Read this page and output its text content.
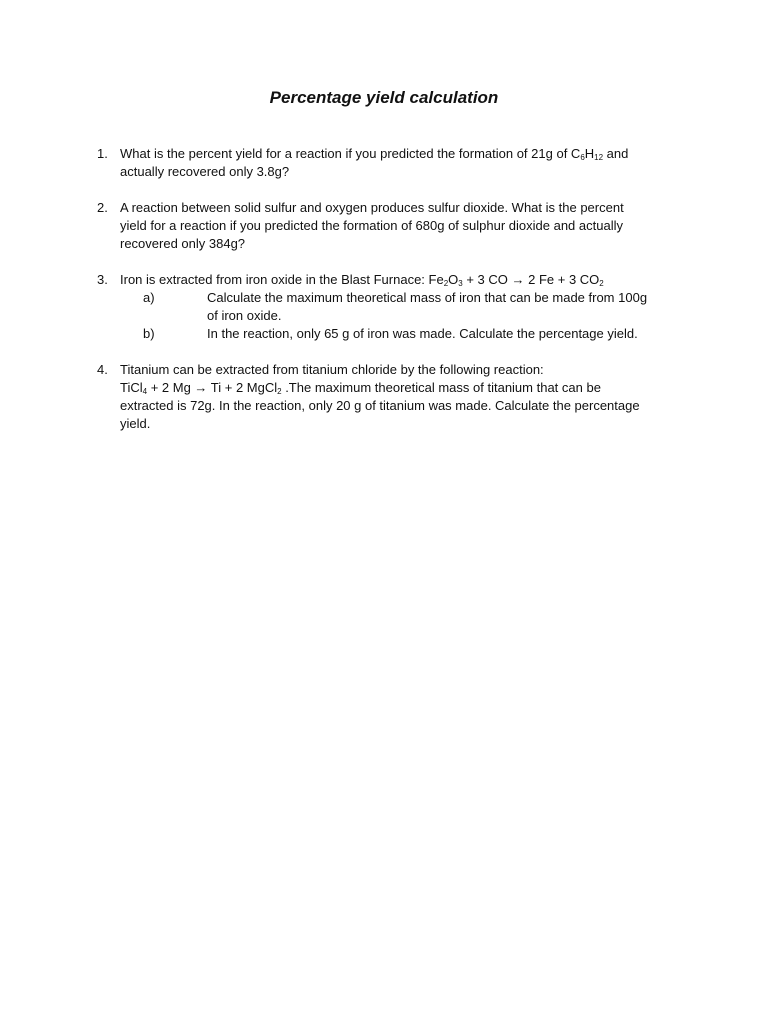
Percentage yield calculation
1. What is the percent yield for a reaction if you predicted the formation of 21g of $C_6H_{12}$ and
actually recovered only 3.8g?
2. A reaction between solid sulfur and oxygen produces sulfur dioxide. What is the percent
yield for a reaction if you predicted the formation of 680g of sulphur dioxide and actually
recovered only 384g?
3. Iron is extracted from iron oxide in the Blast Furnace: $Fe_2O_3 + 3$ CO → 2 Fe + 3 $CO_2$
a)	Calculate the maximum theoretical mass of iron that can be made from 100g
of iron oxide.
b)	In the reaction, only 65 g of iron was made. Calculate the percentage yield.
4. Titanium can be extracted from titanium chloride by the following reaction:
TiCl$_4$ + 2 Mg → Ti + 2 MgCl$_2$ .The maximum theoretical mass of titanium that can be
extracted is 72g. In the reaction, only 20 g of titanium was made. Calculate the percentage
yield.
